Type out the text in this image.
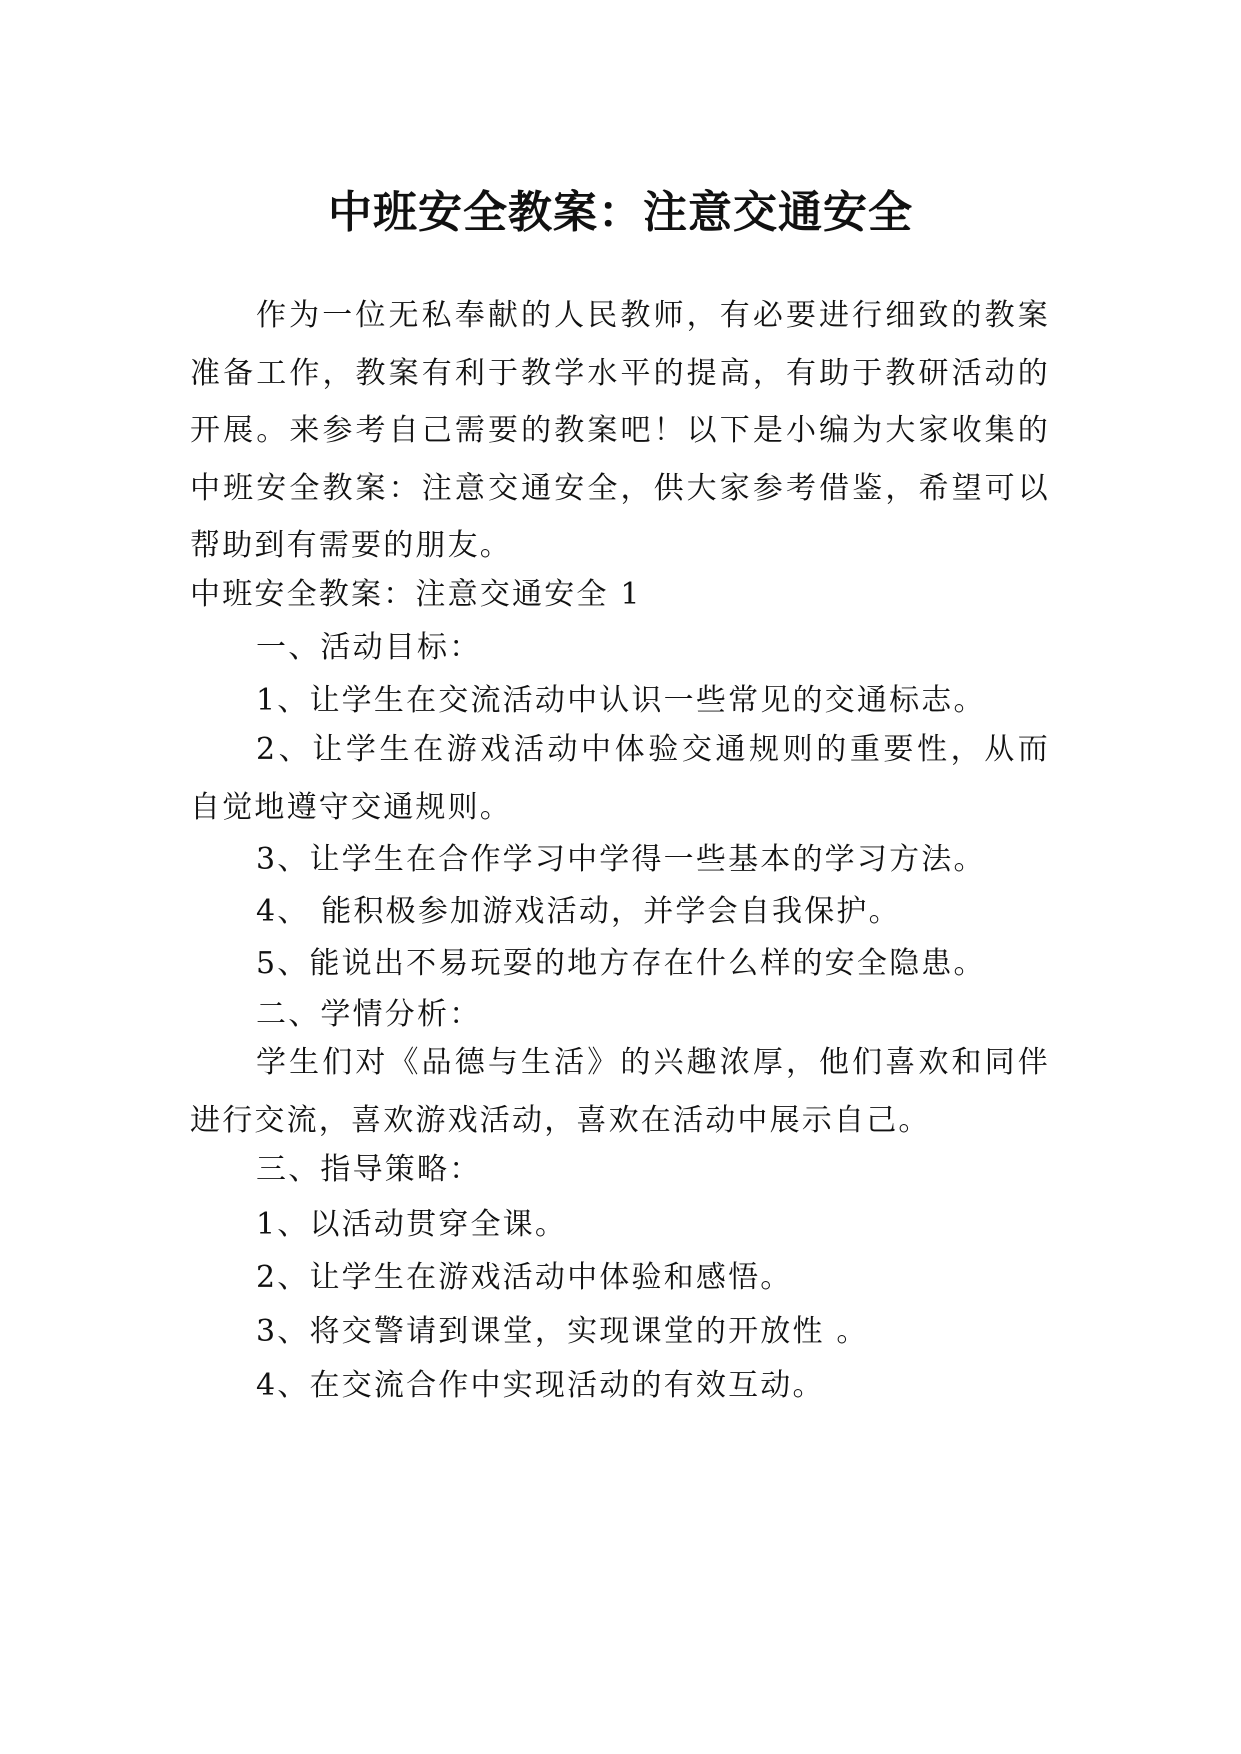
中班安全教案：注意交通安全

作为一位无私奉献的人民教师，有必要进行细致的教案准备工作，教案有利于教学水平的提高，有助于教研活动的开展。来参考自己需要的教案吧！以下是小编为大家收集的中班安全教案：注意交通安全，供大家参考借鉴，希望可以帮助到有需要的朋友。

中班安全教案：注意交通安全 1
一、活动目标：
1、让学生在交流活动中认识一些常见的交通标志。
2、让学生在游戏活动中体验交通规则的重要性，从而自觉地遵守交通规则。
3、让学生在合作学习中学得一些基本的学习方法。
4、 能积极参加游戏活动，并学会自我保护。
5、能说出不易玩耍的地方存在什么样的安全隐患。
二、学情分析：
学生们对《品德与生活》的兴趣浓厚，他们喜欢和同伴进行交流，喜欢游戏活动，喜欢在活动中展示自己。
三、指导策略：
1、以活动贯穿全课。
2、让学生在游戏活动中体验和感悟。
3、将交警请到课堂，实现课堂的开放性 。
4、在交流合作中实现活动的有效互动。
